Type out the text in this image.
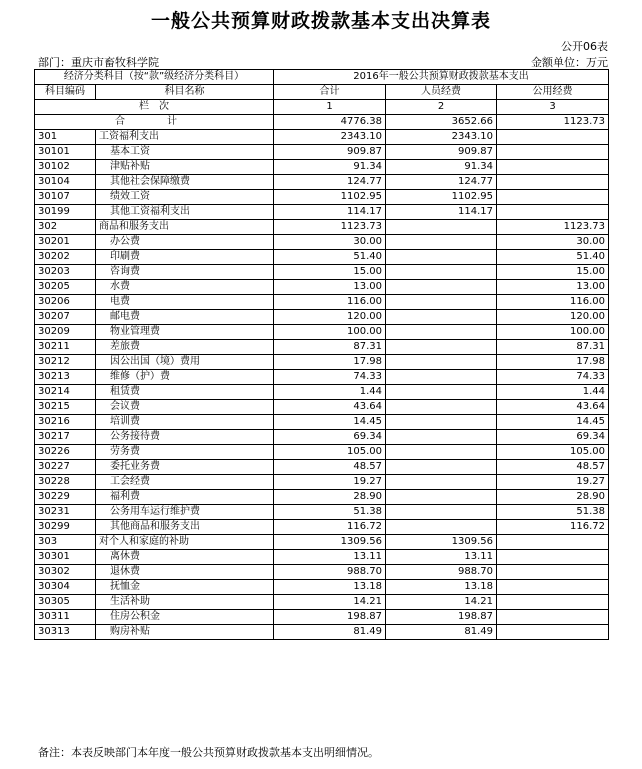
一般公共预算财政拨款基本支出决算表
公开06表
部门：重庆市畜牧科学院	金额单位：万元
经济分类科目（按“款”级经济分类科目）		2016年一般公共预算财政拨款基本支出		
科目编码	科目名称	合计	人员经费	公用经费
栏　次		1	2	3
合　计		4776.38	3652.66	1123.73
301	工资福利支出	2343.10	2343.10	
30101	基本工资	909.87	909.87	
30102	津贴补贴	91.34	91.34	
30104	其他社会保障缴费	124.77	124.77	
30107	绩效工资	1102.95	1102.95	
30199	其他工资福利支出	114.17	114.17	
302	商品和服务支出	1123.73		1123.73
30201	办公费	30.00		30.00
30202	印刷费	51.40		51.40
30203	咨询费	15.00		15.00
30205	水费	13.00		13.00
30206	电费	116.00		116.00
30207	邮电费	120.00		120.00
30209	物业管理费	100.00		100.00
30211	差旅费	87.31		87.31
30212	因公出国（境）费用	17.98		17.98
30213	维修（护）费	74.33		74.33
30214	租赁费	1.44		1.44
30215	会议费	43.64		43.64
30216	培训费	14.45		14.45
30217	公务接待费	69.34		69.34
30226	劳务费	105.00		105.00
30227	委托业务费	48.57		48.57
30228	工会经费	19.27		19.27
30229	福利费	28.90		28.90
30231	公务用车运行维护费	51.38		51.38
30299	其他商品和服务支出	116.72		116.72
303	对个人和家庭的补助	1309.56	1309.56	
30301	离休费	13.11	13.11	
30302	退休费	988.70	988.70	
30304	抚恤金	13.18	13.18	
30305	生活补助	14.21	14.21	
30311	住房公积金	198.87	198.87	
30313	购房补贴	81.49	81.49	
备注：本表反映部门本年度一般公共预算财政拨款基本支出明细情况。
